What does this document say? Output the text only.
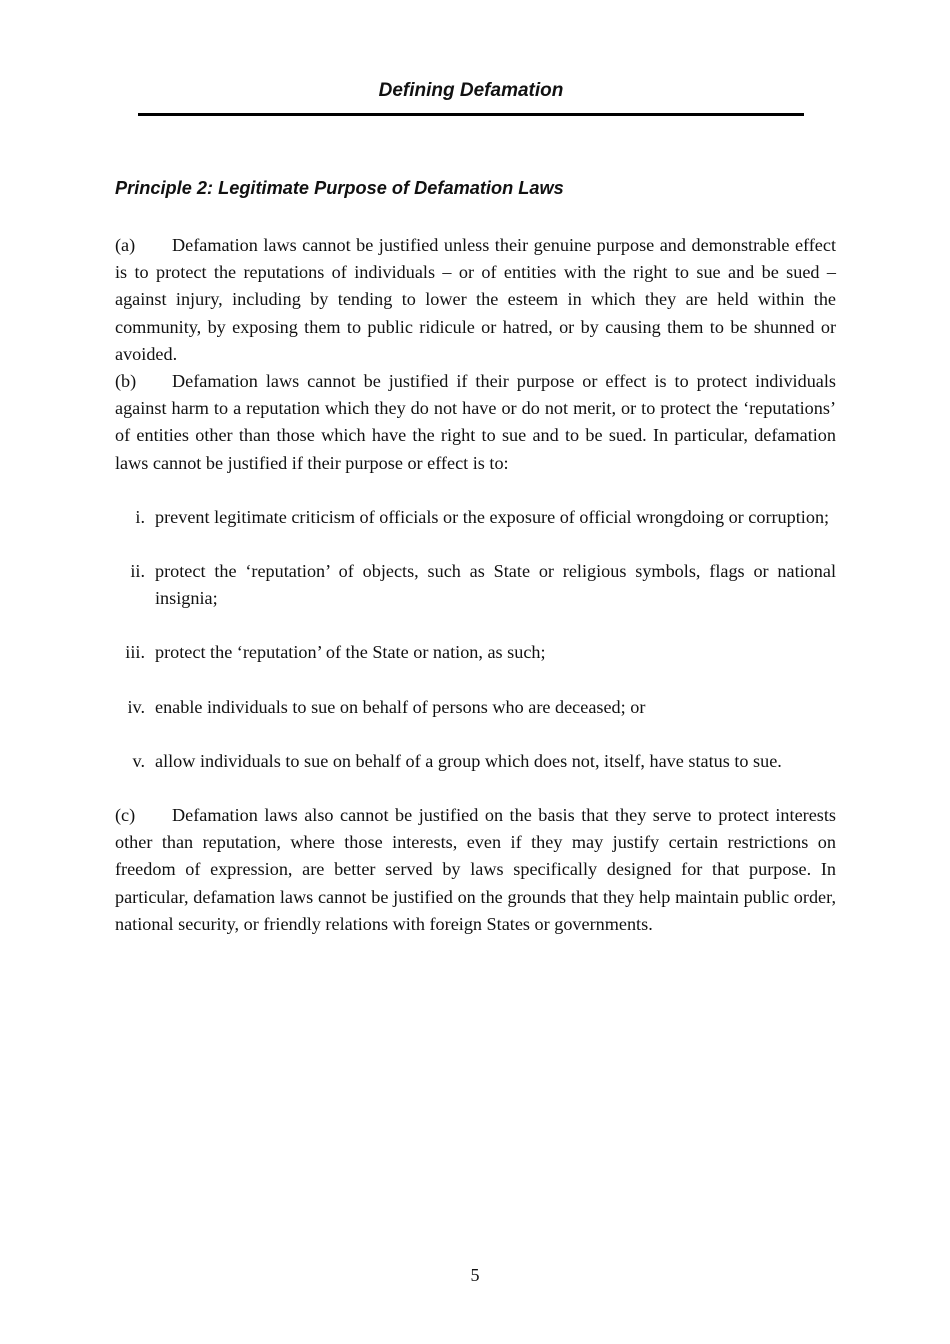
Defining Defamation
Principle 2: Legitimate Purpose of Defamation Laws

(a) Defamation laws cannot be justified unless their genuine purpose and demonstrable effect is to protect the reputations of individuals – or of entities with the right to sue and be sued – against injury, including by tending to lower the esteem in which they are held within the community, by exposing them to public ridicule or hatred, or by causing them to be shunned or avoided.

(b) Defamation laws cannot be justified if their purpose or effect is to protect individuals against harm to a reputation which they do not have or do not merit, or to protect the ‘reputations’ of entities other than those which have the right to sue and to be sued. In particular, defamation laws cannot be justified if their purpose or effect is to:

i. prevent legitimate criticism of officials or the exposure of official wrongdoing or corruption;
ii. protect the ‘reputation’ of objects, such as State or religious symbols, flags or national insignia;
iii. protect the ‘reputation’ of the State or nation, as such;
iv. enable individuals to sue on behalf of persons who are deceased; or
v. allow individuals to sue on behalf of a group which does not, itself, have status to sue.

(c) Defamation laws also cannot be justified on the basis that they serve to protect interests other than reputation, where those interests, even if they may justify certain restrictions on freedom of expression, are better served by laws specifically designed for that purpose. In particular, defamation laws cannot be justified on the grounds that they help maintain public order, national security, or friendly relations with foreign States or governments.

5
